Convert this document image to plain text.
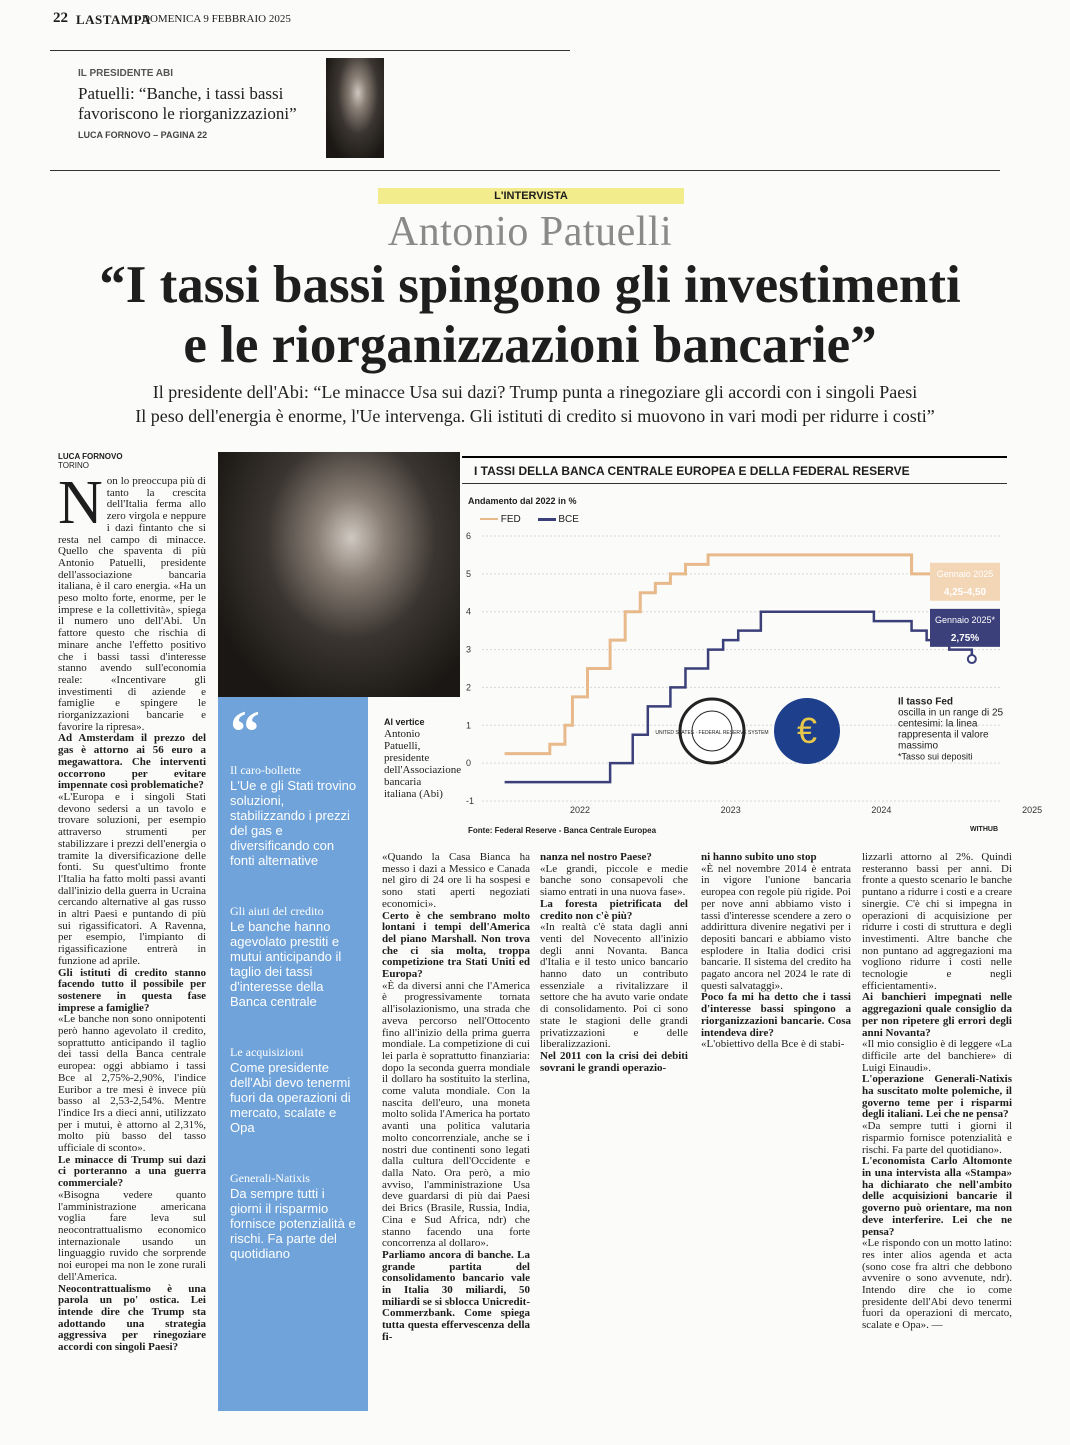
22 LASTAMPA
DOMENICA 9 FEBBRAIO 2025
IL PRESIDENTE ABI
Patuelli: “Banche, i tassi bassi
favoriscono le riorganizzazioni”
LUCA FORNOVO – PAGINA 22
L'INTERVISTA
Antonio Patuelli
“I tassi bassi spingono gli investimenti
e le riorganizzazioni bancarie”
Il presidente dell'Abi: “Le minacce Usa sui dazi? Trump punta a rinegoziare gli accordi con i singoli Paesi
Il peso dell'energia è enorme, l'Ue intervenga. Gli istituti di credito si muovono in vari modi per ridurre i costi”
LUCA FORNOVO
TORINO
N on lo preoccupa più di tanto la crescita dell'Italia ferma allo zero virgola e neppure i dazi fintanto che si resta nel campo di minacce. Quello che spaventa di più Antonio Patuelli, presidente dell'associazione bancaria italiana, è il caro energia. «Ha un peso molto forte, enorme, per le imprese e la collettività», spiega il numero uno dell'Abi. Un fattore questo che rischia di minare anche l'effetto positivo che i bassi tassi d'interesse stanno avendo sull'economia reale: «Incentivare gli investimenti di aziende e famiglie e spingere le riorganizzazioni bancarie e favorire la ripresa».

Ad Amsterdam il prezzo del gas è attorno ai 56 euro a megawattora. Che interventi occorrono per evitare impennate così problematiche?

«L'Europa e i singoli Stati devono sedersi a un tavolo e trovare soluzioni, per esempio attraverso strumenti per stabilizzare i prezzi dell'energia o tramite la diversificazione delle fonti. Su quest'ultimo fronte l'Italia ha fatto molti passi avanti dall'inizio della guerra in Ucraina cercando alternative al gas russo in altri Paesi e puntando di più sui rigassificatori. A Ravenna, per esempio, l'impianto di rigassificazione entrerà in funzione ad aprile.

Gli istituti di credito stanno facendo tutto il possibile per sostenere in questa fase imprese a famiglie?

«Le banche non sono onnipotenti però hanno agevolato il credito, soprattutto anticipando il taglio dei tassi della Banca centrale europea: oggi abbiamo i tassi Bce al 2,75%-2,90%, l'indice Euribor a tre mesi è invece più basso al 2,53-2,54%. Mentre l'indice Irs a dieci anni, utilizzato per i mutui, è attorno al 2,31%, molto più basso del tasso ufficiale di sconto».

Le minacce di Trump sui dazi ci porteranno a una guerra commerciale?

«Bisogna vedere quanto l'amministrazione americana voglia fare leva sul neocontrattualismo economico internazionale usando un linguaggio ruvido che sorprende noi europei ma non le zone rurali dell'America.

Neocontrattualismo è una parola un po' ostica. Lei intende dire che Trump sta adottando una strategia aggressiva per rinegoziare accordi con singoli Paesi?

“
Il caro-bollette
L'Ue e gli Stati trovino soluzioni, stabilizzando i prezzi del gas e diversificando con fonti alternative
Gli aiuti del credito
Le banche hanno agevolato prestiti e mutui anticipando il taglio dei tassi d'interesse della Banca centrale
Le acquisizioni
Come presidente dell'Abi devo tenermi fuori da operazioni di mercato, scalate e Opa
Generali-Natixis
Da sempre tutti i giorni il risparmio fornisce potenzialità e rischi. Fa parte del quotidiano
Al vertice
Antonio Patuelli, presidente dell'Associazione bancaria italiana (Abi)
I TASSI DELLA BANCA CENTRALE EUROPEA E DELLA FEDERAL RESERVE
Andamento dal 2022 in %
FED	BCE
6
5
4
3
2
1
0
-1
2022	2023	2024	2025
Gennaio 2025
4,25-4,50
Gennaio 2025*
2,75%
UNITED STATES · FEDERAL RESERVE SYSTEM €
Il tasso Fed
oscilla in un range di 25
centesimi: la linea
rappresenta il valore
massimo
*Tasso sui depositi
Fonte: Federal Reserve - Banca Centrale Europea	WITHUB

«Quando la Casa Bianca ha messo i dazi a Messico e Canada nel giro di 24 ore li ha sospesi e sono stati aperti negoziati economici».

Certo è che sembrano molto lontani i tempi dell'America del piano Marshall. Non trova che ci sia molta, troppa competizione tra Stati Uniti ed Europa?

«È da diversi anni che l'America è progressivamente tornata all'isolazionismo, una strada che aveva percorso nell'Ottocento fino all'inizio della prima guerra mondiale. La competizione di cui lei parla è soprattutto finanziaria: dopo la seconda guerra mondiale il dollaro ha sostituito la sterlina, come valuta mondiale. Con la nascita dell'euro, una moneta molto solida l'America ha portato avanti una politica valutaria molto concorrenziale, anche se i nostri due continenti sono legati dalla cultura dell'Occidente e dalla Nato. Ora però, a mio avviso, l'amministrazione Usa deve guardarsi di più dai Paesi dei Brics (Brasile, Russia, India, Cina e Sud Africa, ndr) che stanno facendo una forte concorrenza al dollaro».

Parliamo ancora di banche. La grande partita del consolidamento bancario vale in Italia 30 miliardi, 50 miliardi se si sblocca Unicredit-Commerzbank. Come spiega tutta questa effervescenza della fi-

nanza nel nostro Paese?

«Le grandi, piccole e medie banche sono consapevoli che siamo entrati in una nuova fase».

La foresta pietrificata del credito non c'è più?

«In realtà c'è stata dagli anni venti del Novecento all'inizio degli anni Novanta. Banca d'Italia e il testo unico bancario hanno dato un contributo essenziale a rivitalizzare il settore che ha avuto varie ondate di consolidamento. Poi ci sono state le stagioni delle grandi privatizzazioni e delle liberalizzazioni.

Nel 2011 con la crisi dei debiti sovrani le grandi operazio-

ni hanno subito uno stop

«È nel novembre 2014 è entrata in vigore l'unione bancaria europea con regole più rigide. Poi per nove anni abbiamo visto i tassi d'interesse scendere a zero o addirittura divenire negativi per i depositi bancari e abbiamo visto esplodere in Italia dodici crisi bancarie. Il sistema del credito ha pagato ancora nel 2024 le rate di questi salvataggi».

Poco fa mi ha detto che i tassi d'interesse bassi spingono a riorganizzazioni bancarie. Cosa intendeva dire?

«L'obiettivo della Bce è di stabi-

lizzarli attorno al 2%. Quindi resteranno bassi per anni. Di fronte a questo scenario le banche puntano a ridurre i costi e a creare sinergie. C'è chi si impegna in operazioni di acquisizione per ridurre i costi di struttura e degli investimenti. Altre banche che non puntano ad aggregazioni ma vogliono ridurre i costi nelle tecnologie e negli efficientamenti».

Ai banchieri impegnati nelle aggregazioni quale consiglio da per non ripetere gli errori degli anni Novanta?

«Il mio consiglio è di leggere «La difficile arte del banchiere» di Luigi Einaudi».

L'operazione Generali-Natixis ha suscitato molte polemiche, il governo teme per i risparmi degli italiani. Lei che ne pensa?

«Da sempre tutti i giorni il risparmio fornisce potenzialità e rischi. Fa parte del quotidiano».

L'economista Carlo Altomonte in una intervista alla «Stampa» ha dichiarato che nell'ambito delle acquisizioni bancarie il governo può orientare, ma non deve interferire. Lei che ne pensa?

«Le rispondo con un motto latino: res inter alios agenda et acta (sono cose fra altri che debbono avvenire o sono avvenute, ndr). Intendo dire che io come presidente dell'Abi devo tenermi fuori da operazioni di mercato, scalate e Opa». —
